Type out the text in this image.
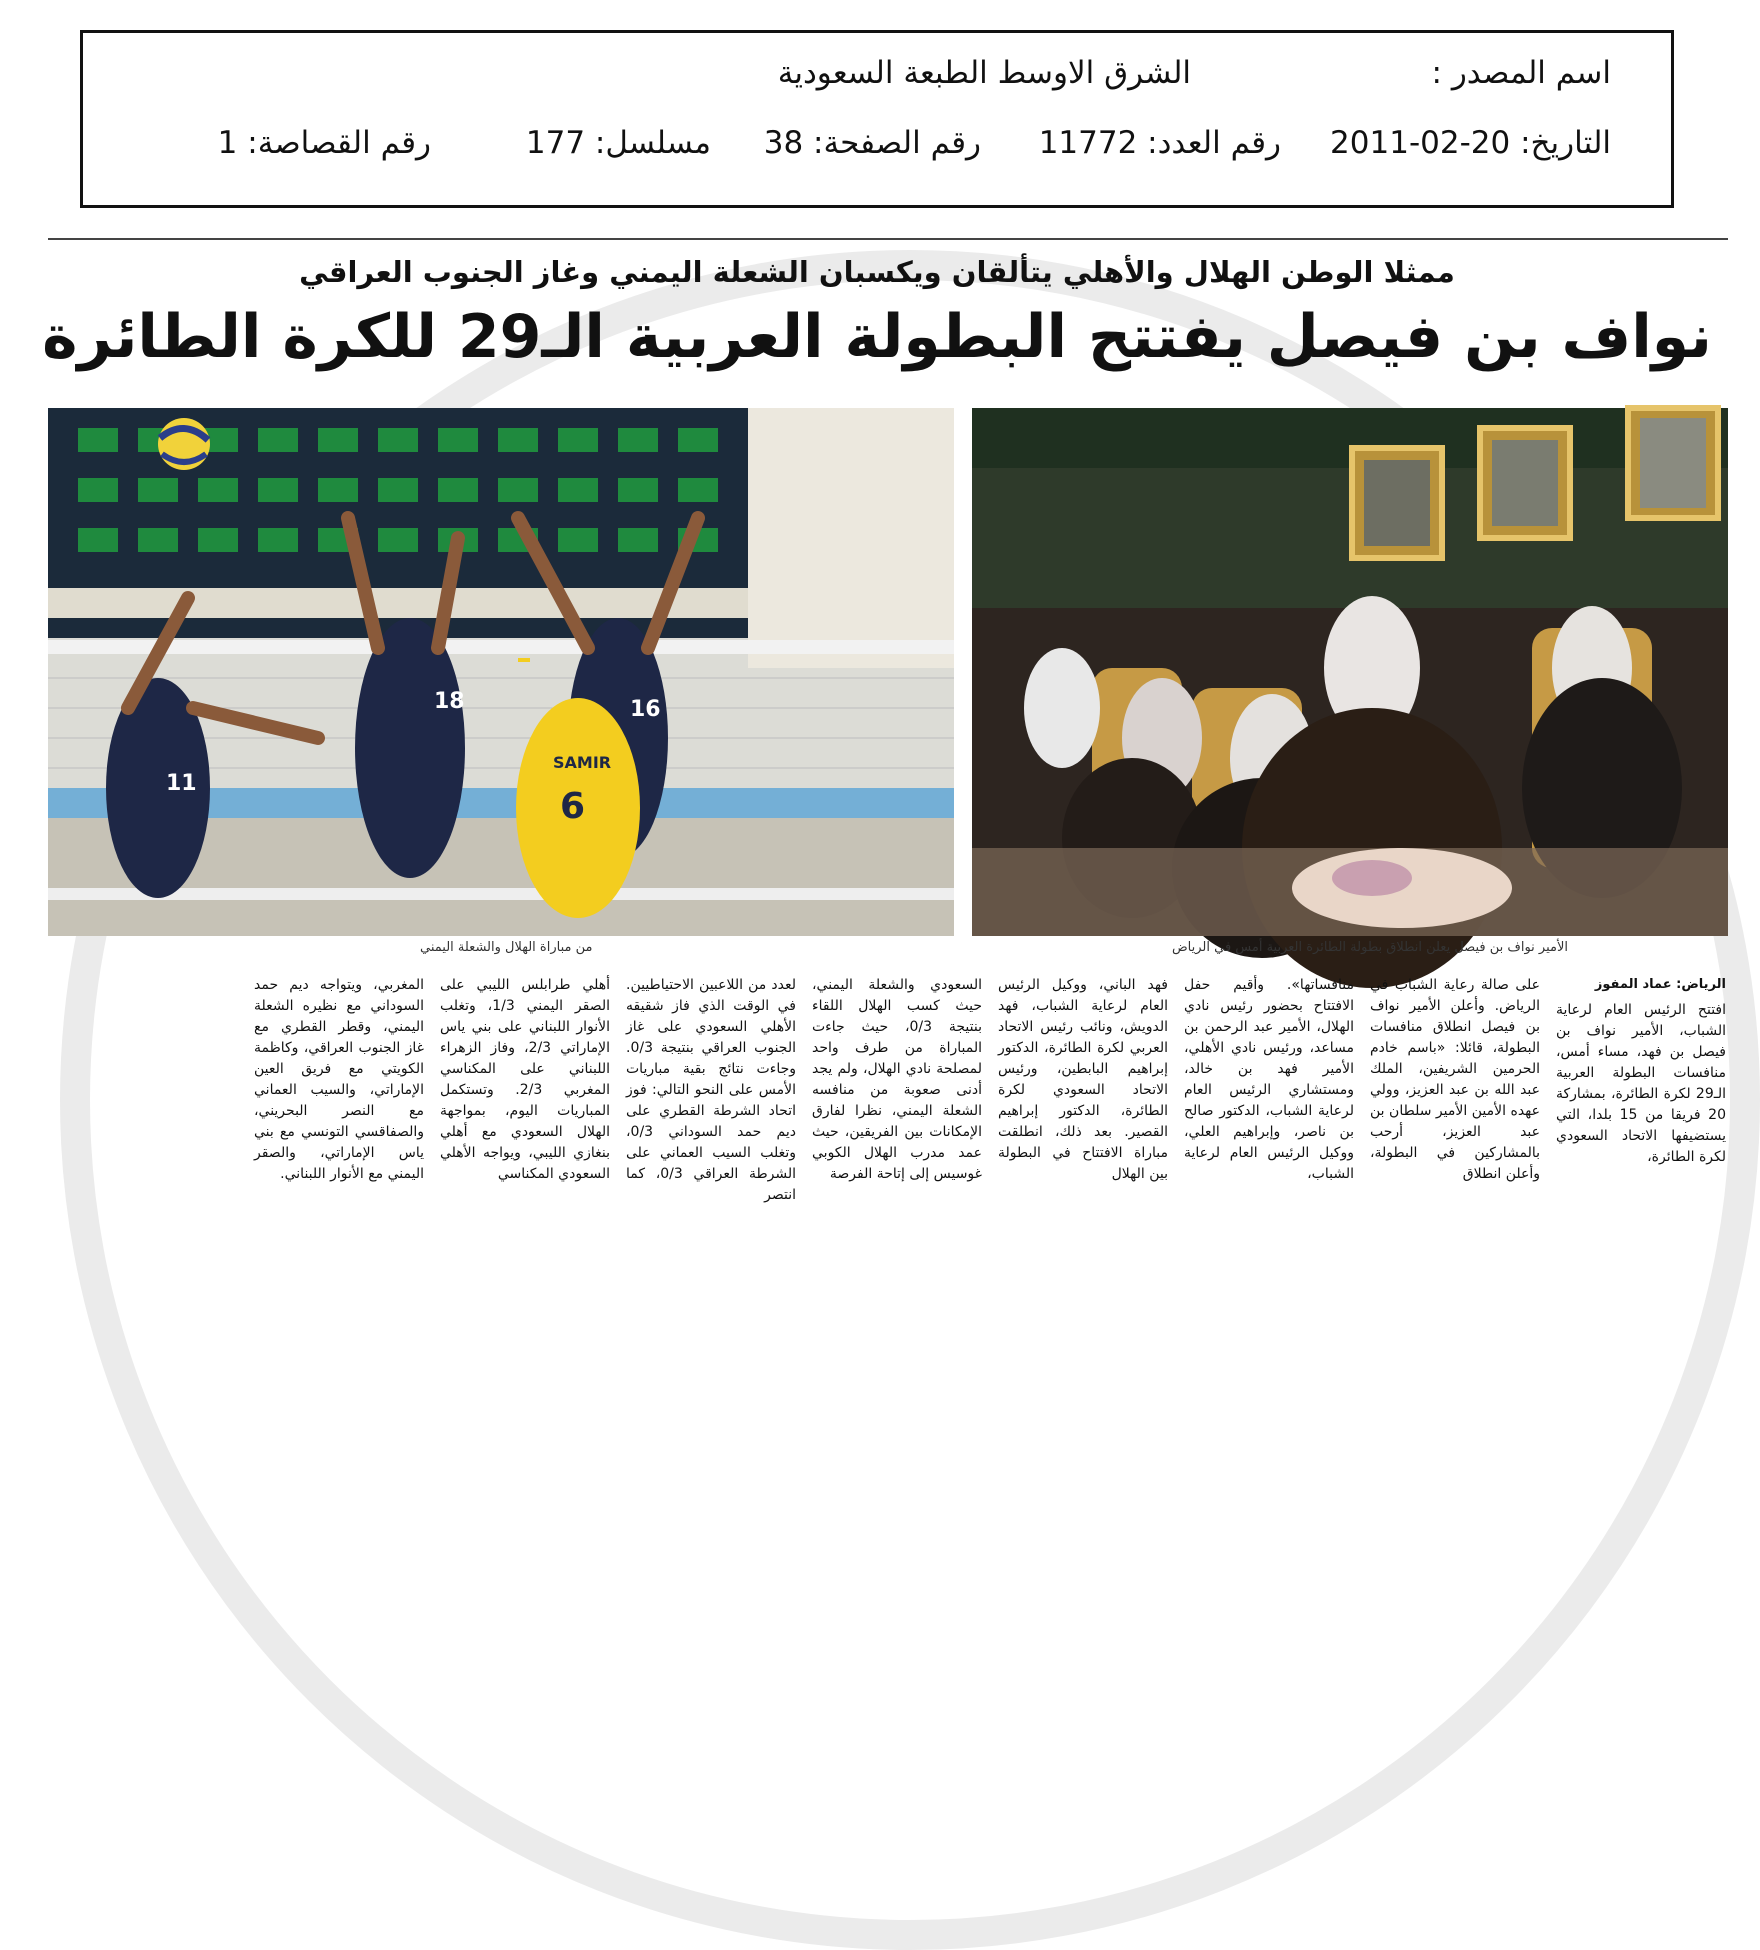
اسم المصدر :
الشرق الاوسط الطبعة السعودية
التاريخ: 20-02-2011
رقم العدد: 11772
رقم الصفحة: 38
مسلسل: 177
رقم القصاصة: 1
ممثلا الوطن الهلال والأهلي يتألقان ويكسبان الشعلة اليمني وغاز الجنوب العراقي
نواف بن فيصل يفتتح البطولة العربية الـ29 للكرة الطائرة
الأمير نواف بن فيصل يعلن انطلاق بطولة الطائرة العربية أمس في الرياض
SAMIR
6
18	16
11
من مباراة الهلال والشعلة اليمني
الرياض: عماد المفوز

افتتح الرئيس العام لرعاية الشباب، الأمير نواف بن فيصل بن فهد، مساء أمس، منافسات البطولة العربية الـ29 لكرة الطائرة، بمشاركة 20 فريقا من 15 بلدا، التي يستضيفها الاتحاد السعودي لكرة الطائرة،

على صالة رعاية الشباب في الرياض. وأعلن الأمير نواف بن فيصل انطلاق منافسات البطولة، قائلا: «باسم خادم الحرمين الشريفين، الملك عبد الله بن عبد العزيز، وولي عهده الأمين الأمير سلطان بن عبد العزيز، أرحب بالمشاركين في البطولة، وأعلن انطلاق

منافساتها». وأقيم حفل الافتتاح بحضور رئيس نادي الهلال، الأمير عبد الرحمن بن مساعد، ورئيس نادي الأهلي، الأمير فهد بن خالد، ومستشاري الرئيس العام لرعاية الشباب، الدكتور صالح بن ناصر، وإبراهيم العلي، ووكيل الرئيس العام لرعاية الشباب،

فهد الباني، ووكيل الرئيس العام لرعاية الشباب، فهد الدويش، ونائب رئيس الاتحاد العربي لكرة الطائرة، الدكتور إبراهيم البابطين، ورئيس الاتحاد السعودي لكرة الطائرة، الدكتور إبراهيم القصير. بعد ذلك، انطلقت مباراة الافتتاح في البطولة بين الهلال

السعودي والشعلة اليمني، حيث كسب الهلال اللقاء بنتيجة 0/3، حيث جاءت المباراة من طرف واحد لمصلحة نادي الهلال، ولم يجد أدنى صعوبة من منافسه الشعلة اليمني، نظرا لفارق الإمكانات بين الفريقين، حيث عمد مدرب الهلال الكوبي غوسيس إلى إتاحة الفرصة

لعدد من اللاعبين الاحتياطيين. في الوقت الذي فاز شقيقه الأهلي السعودي على غاز الجنوب العراقي بنتيجة 0/3. وجاءت نتائج بقية مباريات الأمس على النحو التالي: فوز اتحاد الشرطة القطري على ديم حمد السوداني 0/3، وتغلب السيب العماني على الشرطة العراقي 0/3، كما انتصر

أهلي طرابلس الليبي على الصقر اليمني 1/3، وتغلب الأنوار اللبناني على بني ياس الإماراتي 2/3، وفاز الزهراء اللبناني على المكناسي المغربي 2/3. وتستكمل المباريات اليوم، بمواجهة الهلال السعودي مع أهلي بنغازي الليبي، ويواجه الأهلي السعودي المكناسي

المغربي، ويتواجه ديم حمد السوداني مع نظيره الشعلة اليمني، وقطر القطري مع غاز الجنوب العراقي، وكاظمة الكويتي مع فريق العين الإماراتي، والسيب العماني مع النصر البحريني، والصفاقسي التونسي مع بني ياس الإماراتي، والصقر اليمني مع الأنوار اللبناني.
